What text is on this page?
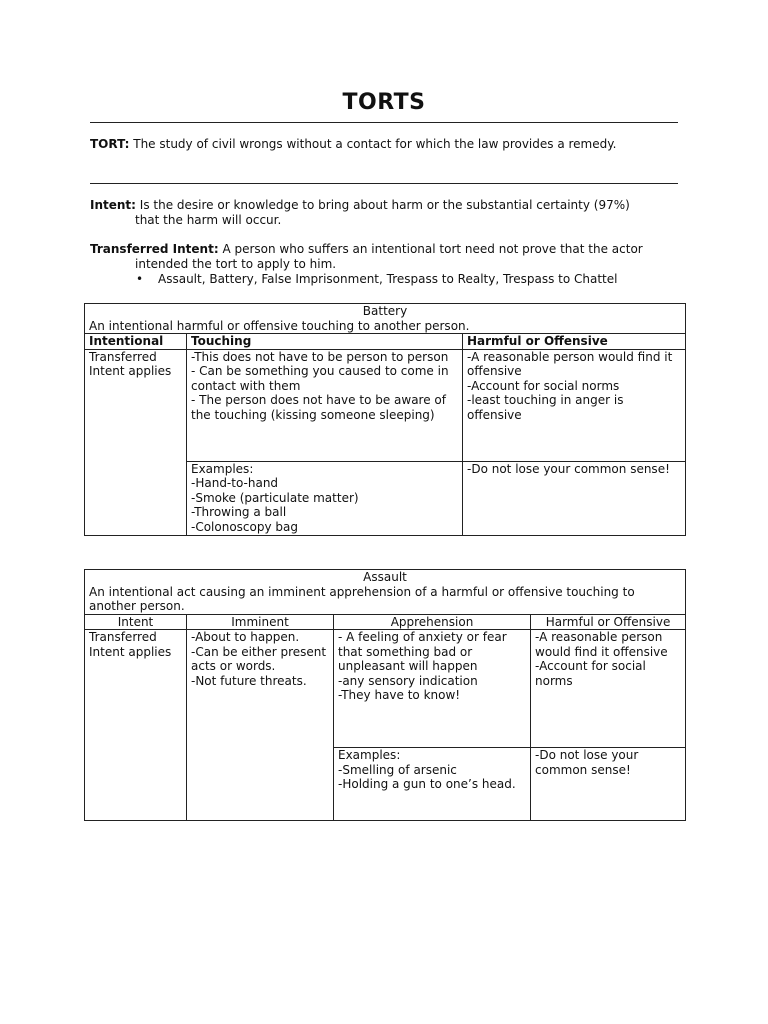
TORTS
TORT: The study of civil wrongs without a contact for which the law provides a remedy.
Intent: Is the desire or knowledge to bring about harm or the substantial certainty (97%)
that the harm will occur.
Transferred Intent: A person who suffers an intentional tort need not prove that the actor
intended the tort to apply to him.
• Assault, Battery, False Imprisonment, Trespass to Realty, Trespass to Chattel
Battery
An intentional harmful or offensive touching to another person.		

Intentional	Touching	Harmful or Offensive
Transferred Intent applies	-This does not have to be person to person
- Can be something you caused to come in contact with them
- The person does not have to be aware of the touching (kissing someone sleeping)	-A reasonable person would find it offensive
-Account for social norms
-least touching in anger is offensive
	Examples:
-Hand-to-hand
-Smoke (particulate matter)
-Throwing a ball
-Colonoscopy bag	-Do not lose your common sense!
Assault
An intentional act causing an imminent apprehension of a harmful or offensive touching to another person.			

Intent	Imminent	Apprehension	Harmful or Offensive
Transferred Intent applies	-About to happen.
-Can be either present acts or words.
-Not future threats.	- A feeling of anxiety or fear that something bad or unpleasant will happen
-any sensory indication
-They have to know!	-A reasonable person would find it offensive
-Account for social norms
		Examples:
-Smelling of arsenic
-Holding a gun to one’s head.	-Do not lose your common sense!
